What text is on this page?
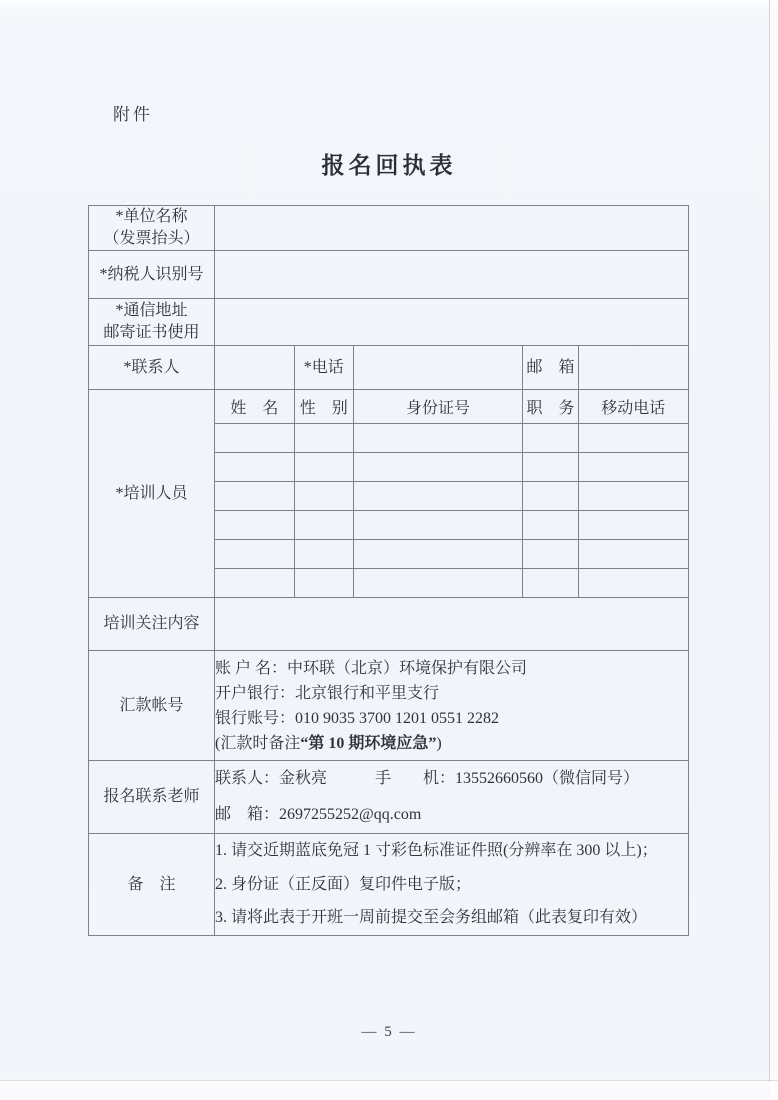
附件
报名回执表
*单位名称
（发票抬头）					

*纳税人识别号					

*通信地址
邮寄证书使用					

*联系人		*电话		邮　箱	
*培训人员	姓　名	性　别	身份证号	职　务	移动电话

培训关注内容					
汇款帐号	账 户 名：中环联（北京）环境保护有限公司
开户银行：北京银行和平里支行
银行账号：010 9035 3700 1201 0551 2282
(汇款时备注“第 10 期环境应急”)				

报名联系老师	联系人：金秋亮　　　手　　机：13552660560（微信同号）
邮　箱：2697255252@qq.com				

备　注	1. 请交近期蓝底免冠 1 寸彩色标准证件照(分辨率在 300 以上)；
2. 身份证（正反面）复印件电子版；
3. 请将此表于开班一周前提交至会务组邮箱（此表复印有效）				
— 5 —
